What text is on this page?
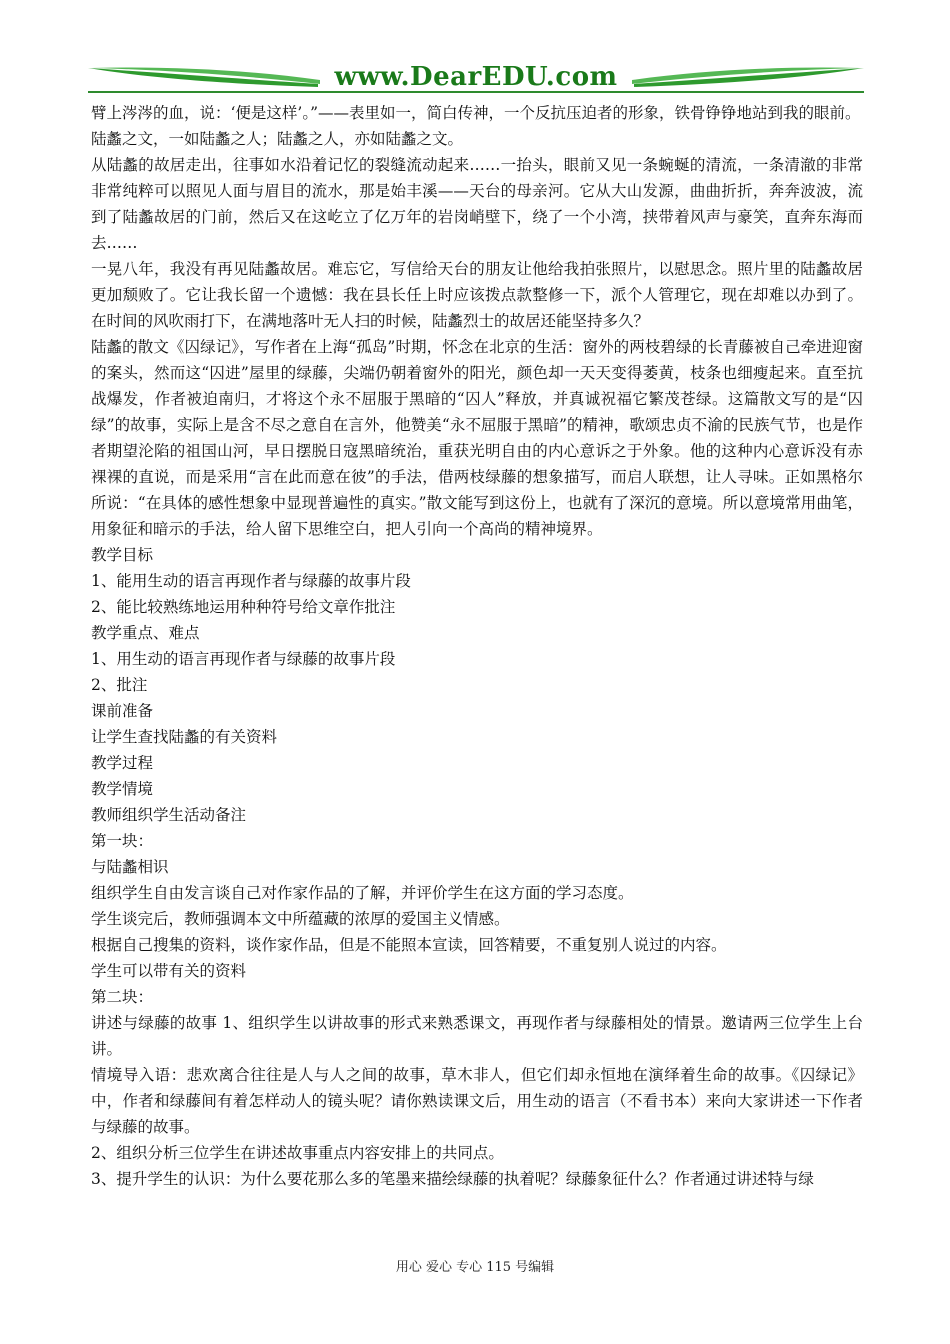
www.DearEDU.com

臂上涔涔的血，说：‘便是这样’。”——表里如一，简白传神，一个反抗压迫者的形象，铁骨铮铮地站到我的眼前。

陆蠡之文，一如陆蠡之人；陆蠡之人，亦如陆蠡之文。

从陆蠡的故居走出，往事如水沿着记忆的裂缝流动起来……一抬头，眼前又见一条蜿蜒的清流，一条清澈的非常非常纯粹可以照见人面与眉目的流水，那是始丰溪——天台的母亲河。它从大山发源，曲曲折折，奔奔波波，流到了陆蠡故居的门前，然后又在这屹立了亿万年的岩岗峭壁下，绕了一个小湾，挟带着风声与豪笑，直奔东海而去……

一晃八年，我没有再见陆蠡故居。难忘它，写信给天台的朋友让他给我拍张照片，以慰思念。照片里的陆蠡故居更加颓败了。它让我长留一个遗憾：我在县长任上时应该拨点款整修一下，派个人管理它，现在却难以办到了。在时间的风吹雨打下，在满地落叶无人扫的时候，陆蠡烈士的故居还能坚持多久？

陆蠡的散文《囚绿记》，写作者在上海“孤岛”时期，怀念在北京的生活：窗外的两枝碧绿的长青藤被自己牵进迎窗的案头，然而这“囚进”屋里的绿藤，尖端仍朝着窗外的阳光，颜色却一天天变得萎黄，枝条也细瘦起来。直至抗战爆发，作者被迫南归，才将这个永不屈服于黑暗的“囚人”释放，并真诚祝福它繁茂苍绿。这篇散文写的是“囚绿”的故事，实际上是含不尽之意自在言外，他赞美“永不屈服于黑暗”的精神，歌颂忠贞不渝的民族气节，也是作者期望沦陷的祖国山河，早日摆脱日寇黑暗统治，重获光明自由的内心意诉之于外象。他的这种内心意诉没有赤裸裸的直说，而是采用“言在此而意在彼”的手法，借两枝绿藤的想象描写，而启人联想，让人寻味。正如黑格尔所说：“在具体的感性想象中显现普遍性的真实。”散文能写到这份上，也就有了深沉的意境。所以意境常用曲笔，用象征和暗示的手法，给人留下思维空白，把人引向一个高尚的精神境界。

教学目标

1、能用生动的语言再现作者与绿藤的故事片段

2、能比较熟练地运用种种符号给文章作批注

教学重点、难点

1、用生动的语言再现作者与绿藤的故事片段

2、批注

课前准备

让学生查找陆蠡的有关资料

教学过程

教学情境

教师组织学生活动备注

第一块：

与陆蠡相识

组织学生自由发言谈自己对作家作品的了解，并评价学生在这方面的学习态度。

学生谈完后，教师强调本文中所蕴藏的浓厚的爱国主义情感。

根据自己搜集的资料，谈作家作品，但是不能照本宣读，回答精要，不重复别人说过的内容。

学生可以带有关的资料

第二块：

讲述与绿藤的故事 1、组织学生以讲故事的形式来熟悉课文，再现作者与绿藤相处的情景。邀请两三位学生上台讲。

情境导入语：悲欢离合往往是人与人之间的故事，草木非人，但它们却永恒地在演绎着生命的故事。《囚绿记》中，作者和绿藤间有着怎样动人的镜头呢？请你熟读课文后，用生动的语言（不看书本）来向大家讲述一下作者与绿藤的故事。

2、组织分析三位学生在讲述故事重点内容安排上的共同点。

3、提升学生的认识：为什么要花那么多的笔墨来描绘绿藤的执着呢？绿藤象征什么？作者通过讲述特与绿

用心 爱心 专心 115 号编辑
